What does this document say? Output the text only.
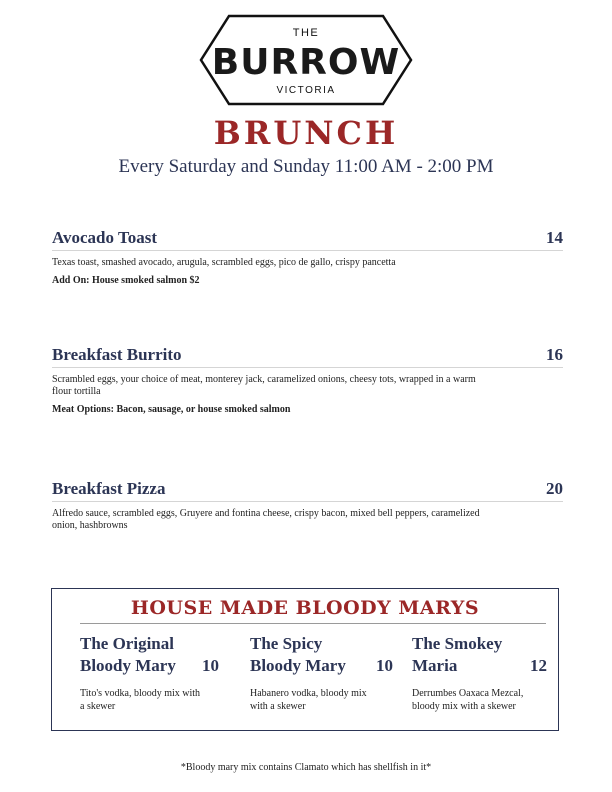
THE
BURROW
VICTORIA
BRUNCH
Every Saturday and Sunday 11:00 AM - 2:00 PM
Avocado Toast	14
Texas toast, smashed avocado, arugula, scrambled eggs, pico de gallo, crispy pancetta
Add On: House smoked salmon $2
Breakfast Burrito	16
Scrambled eggs, your choice of meat, monterey jack, caramelized onions, cheesy tots, wrapped in a warm flour tortilla
Meat Options: Bacon, sausage, or house smoked salmon
Breakfast Pizza	20
Alfredo sauce, scrambled eggs, Gruyere and fontina cheese, crispy bacon, mixed bell peppers, caramelized onion, hashbrowns
HOUSE MADE BLOODY MARYS
The Original
Bloody Mary	10
Tito's vodka, bloody mix with a skewer
The Spicy
Bloody Mary	10
Habanero vodka, bloody mix with a skewer
The Smokey
Maria	12
Derrumbes Oaxaca Mezcal, bloody mix with a skewer
*Bloody mary mix contains Clamato which has shellfish in it*
